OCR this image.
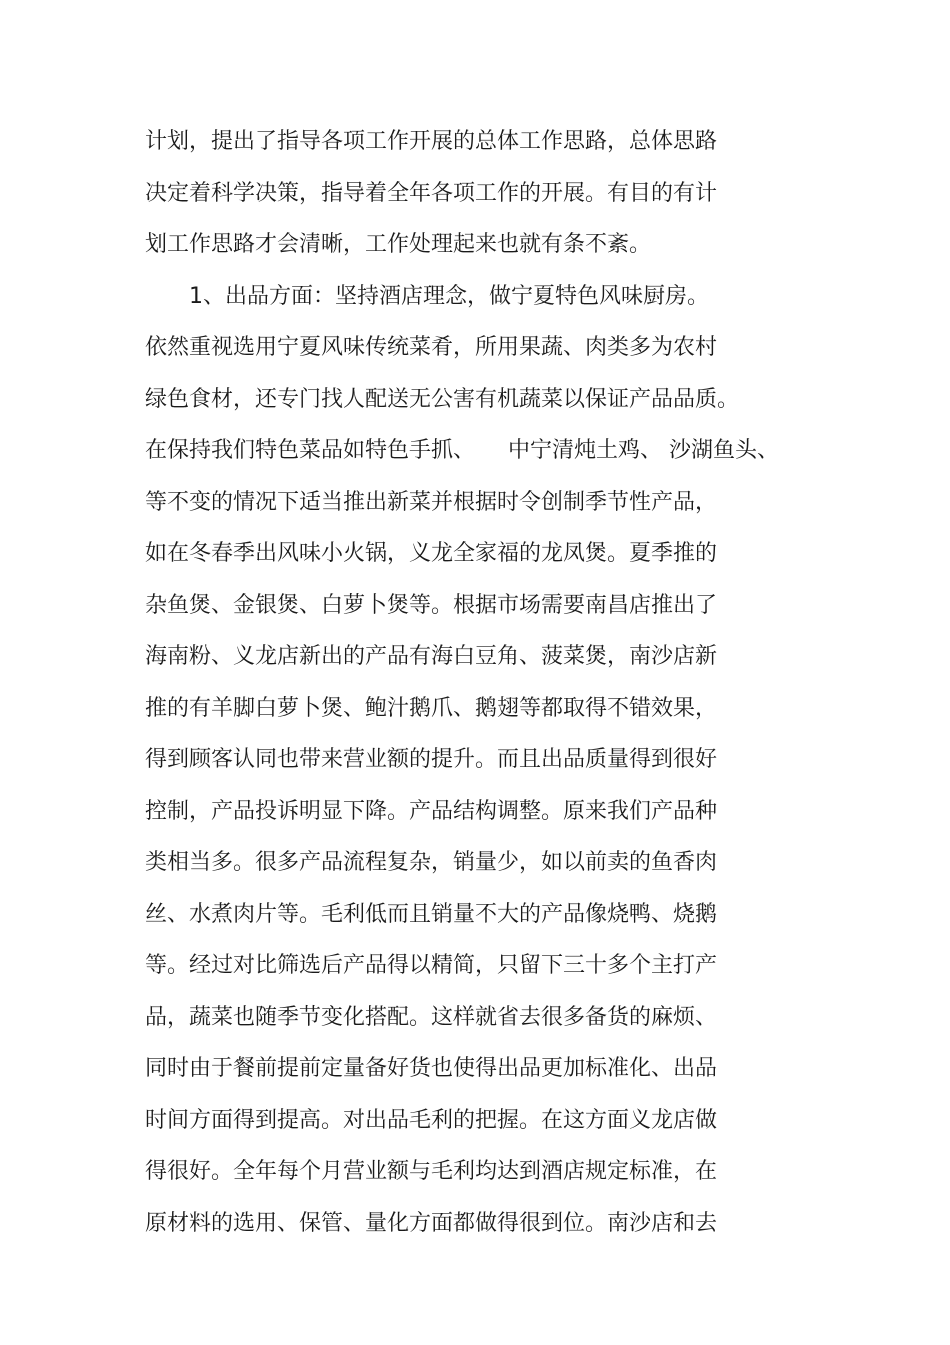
计划，提出了指导各项工作开展的总体工作思路，总体思路
决定着科学决策，指导着全年各项工作的开展。有目的有计
划工作思路才会清晰，工作处理起来也就有条不紊。
1、出品方面：坚持酒店理念，做宁夏特色风味厨房。
依然重视选用宁夏风味传统菜肴，所用果蔬、肉类多为农村
绿色食材，还专门找人配送无公害有机蔬菜以保证产品品质。
在保持我们特色菜品如特色手抓、　　中宁清炖土鸡、 沙湖鱼头、
等不变的情况下适当推出新菜并根据时令创制季节性产品，
如在冬春季出风味小火锅，义龙全家福的龙凤煲。夏季推的
杂鱼煲、金银煲、白萝卜煲等。根据市场需要南昌店推出了
海南粉、义龙店新出的产品有海白豆角、菠菜煲，南沙店新
推的有羊脚白萝卜煲、鲍汁鹅爪、鹅翅等都取得不错效果，
得到顾客认同也带来营业额的提升。而且出品质量得到很好
控制，产品投诉明显下降。产品结构调整。原来我们产品种
类相当多。很多产品流程复杂，销量少，如以前卖的鱼香肉
丝、水煮肉片等。毛利低而且销量不大的产品像烧鸭、烧鹅
等。经过对比筛选后产品得以精简，只留下三十多个主打产
品，蔬菜也随季节变化搭配。这样就省去很多备货的麻烦、
同时由于餐前提前定量备好货也使得出品更加标准化、出品
时间方面得到提高。对出品毛利的把握。在这方面义龙店做
得很好。全年每个月营业额与毛利均达到酒店规定标准，在
原材料的选用、保管、量化方面都做得很到位。南沙店和去
